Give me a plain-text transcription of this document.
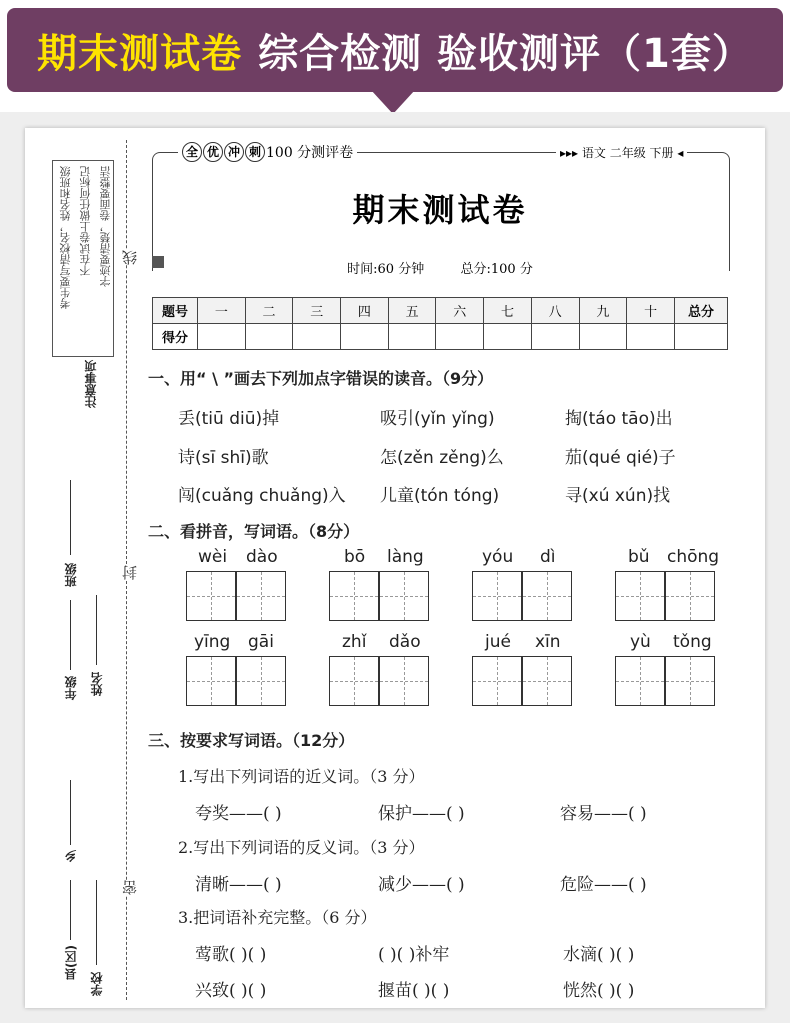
期末测试卷 综合检测 验收测评（1套）
考生要写清校名，姓名和班级 不在试卷上做任何标记 字迹要清楚，卷面要整洁
注意事项
线
封
密
班级
姓名
年级
乡
学校
县(区)
全 优 冲 刺 100 分测评卷	▸▸▸ 语文 二年级 下册 ◂
期末测试卷
时间:60 分钟	总分:100 分
题号	一	二	三	四	五	六	七	八	九	十	总分
得分											
一、用“ \ ”画去下列加点字错误的读音。（9分）
丢(tiū diū)掉	吸引(yǐn yǐng)	掏(táo tāo)出
诗(sī shī)歌	怎(zěn zěng)么	茄(qué qié)子
闯(cuǎng chuǎng)入 儿童(tón tóng)	寻(xú xún)找
二、看拼音，写词语。（8分）
wèi dào	bō làng	yóu dì	bǔ chōng
yīng gāi	zhǐ dǎo	jué xīn	yù tǒng
三、按要求写词语。（12分）
1.写出下列词语的近义词。（3 分）
夸奖——( )	保护——( )	容易——( )
2.写出下列词语的反义词。（3 分）
清晰——( )	减少——( )	危险——( )
3.把词语补充完整。（6 分）
莺歌( )( )	( )( )补牢	水滴( )( )
兴致( )( )	揠苗( )( )	恍然( )( )
